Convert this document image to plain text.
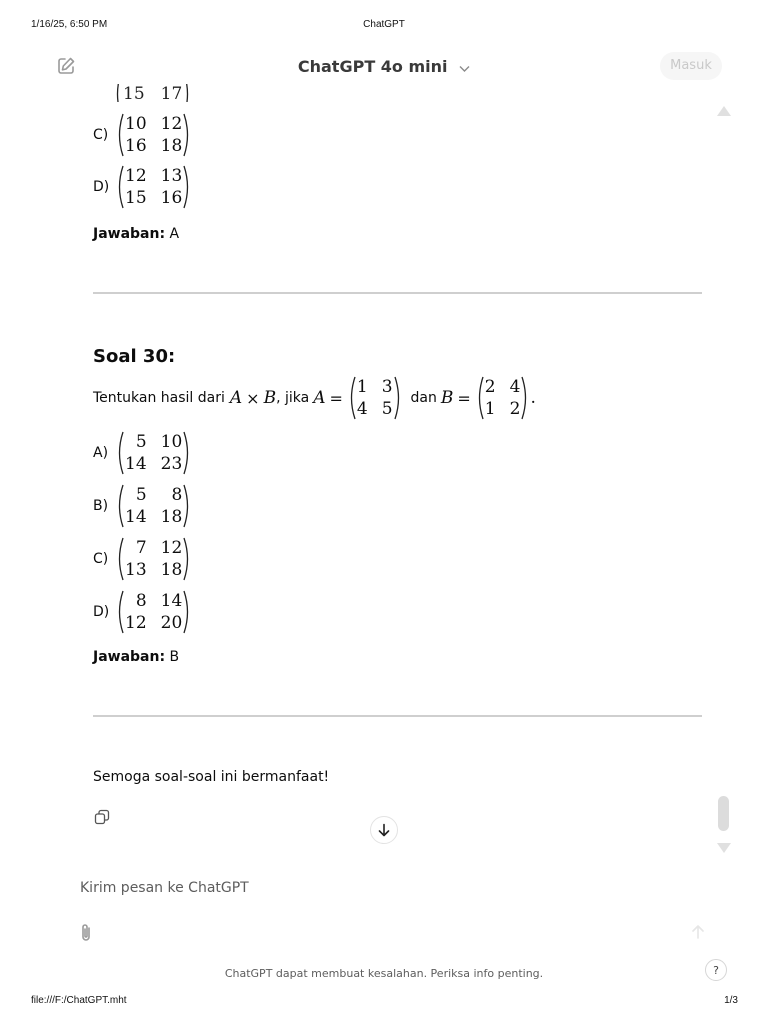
1/16/25, 6:50 PM	ChatGPT
ChatGPT 4o mini	Masuk
15 17
C)
10 12
16 18
D)
12 13
15 16
Jawaban: A
Soal 30:
Tentukan hasil dari A × B , jika A =
1 3
4 5
dan B =
2 4
1 2
.
A)
5 10
14 23
B)
5	8
14 18
C)
7 12
13 18
D)
8 14
12 20
Jawaban: B
Semoga soal-soal ini bermanfaat!
Kirim pesan ke ChatGPT
ChatGPT dapat membuat kesalahan. Periksa info penting.	?
file:///F:/ChatGPT.mht	1/3
